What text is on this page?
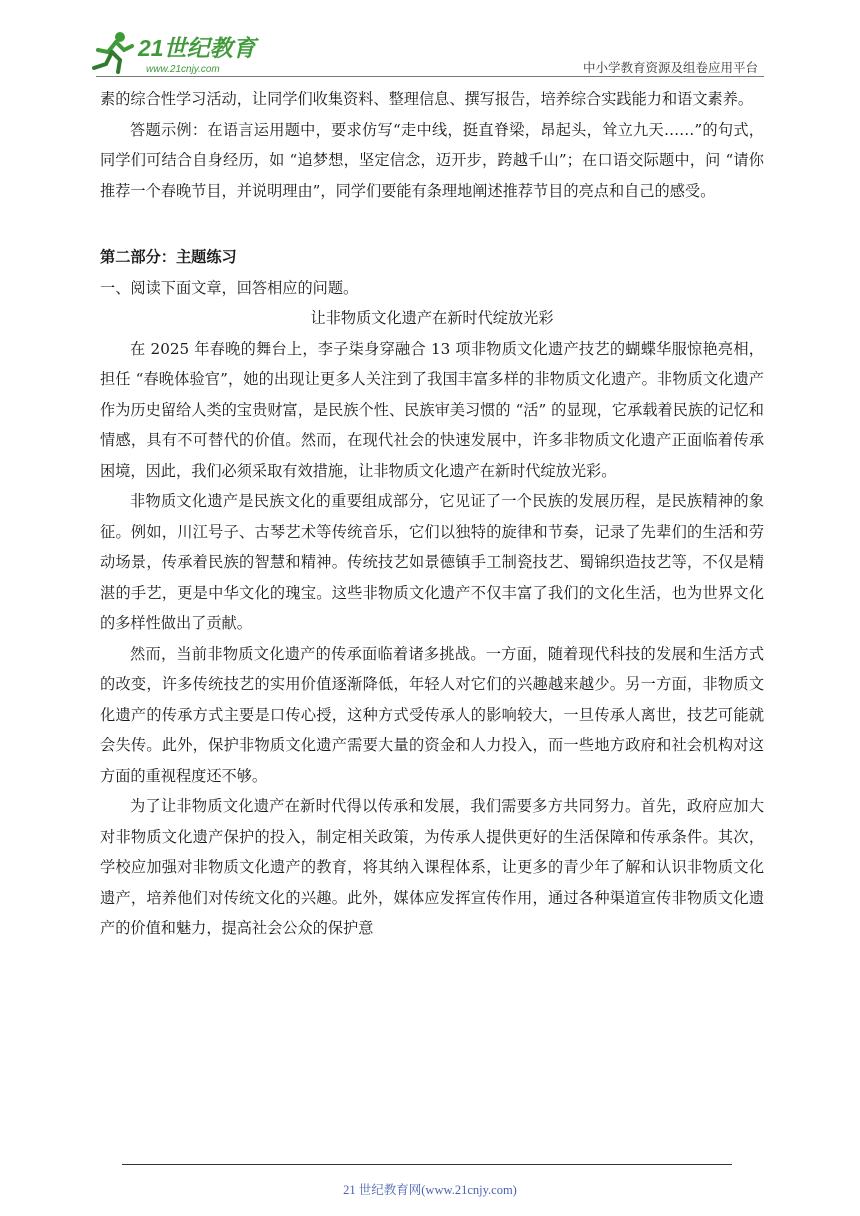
21世纪教育
www.21cnjy.com	中小学教育资源及组卷应用平台

素的综合性学习活动，让同学们收集资料、整理信息、撰写报告，培养综合实践能力和语文素养。

答题示例：在语言运用题中，要求仿写“走中线，挺直脊梁，昂起头，耸立九天……”的句式，同学们可结合自身经历，如 “追梦想，坚定信念，迈开步，跨越千山”；在口语交际题中，问 “请你推荐一个春晚节目，并说明理由”，同学们要能有条理地阐述推荐节目的亮点和自己的感受。

第二部分：主题练习

一、阅读下面文章，回答相应的问题。

让非物质文化遗产在新时代绽放光彩

在 2025 年春晚的舞台上，李子柒身穿融合 13 项非物质文化遗产技艺的蝴蝶华服惊艳亮相，担任 “春晚体验官”，她的出现让更多人关注到了我国丰富多样的非物质文化遗产。非物质文化遗产作为历史留给人类的宝贵财富，是民族个性、民族审美习惯的 “活” 的显现，它承载着民族的记忆和情感，具有不可替代的价值。然而，在现代社会的快速发展中，许多非物质文化遗产正面临着传承困境，因此，我们必须采取有效措施，让非物质文化遗产在新时代绽放光彩。

非物质文化遗产是民族文化的重要组成部分，它见证了一个民族的发展历程，是民族精神的象征。例如，川江号子、古琴艺术等传统音乐，它们以独特的旋律和节奏，记录了先辈们的生活和劳动场景，传承着民族的智慧和精神。传统技艺如景德镇手工制瓷技艺、蜀锦织造技艺等，不仅是精湛的手艺，更是中华文化的瑰宝。这些非物质文化遗产不仅丰富了我们的文化生活，也为世界文化的多样性做出了贡献。

然而，当前非物质文化遗产的传承面临着诸多挑战。一方面，随着现代科技的发展和生活方式的改变，许多传统技艺的实用价值逐渐降低，年轻人对它们的兴趣越来越少。另一方面，非物质文化遗产的传承方式主要是口传心授，这种方式受传承人的影响较大，一旦传承人离世，技艺可能就会失传。此外，保护非物质文化遗产需要大量的资金和人力投入，而一些地方政府和社会机构对这方面的重视程度还不够。

为了让非物质文化遗产在新时代得以传承和发展，我们需要多方共同努力。首先，政府应加大对非物质文化遗产保护的投入，制定相关政策，为传承人提供更好的生活保障和传承条件。其次，学校应加强对非物质文化遗产的教育，将其纳入课程体系，让更多的青少年了解和认识非物质文化遗产，培养他们对传统文化的兴趣。此外，媒体应发挥宣传作用，通过各种渠道宣传非物质文化遗产的价值和魅力，提高社会公众的保护意

21 世纪教育网(www.21cnjy.com)
